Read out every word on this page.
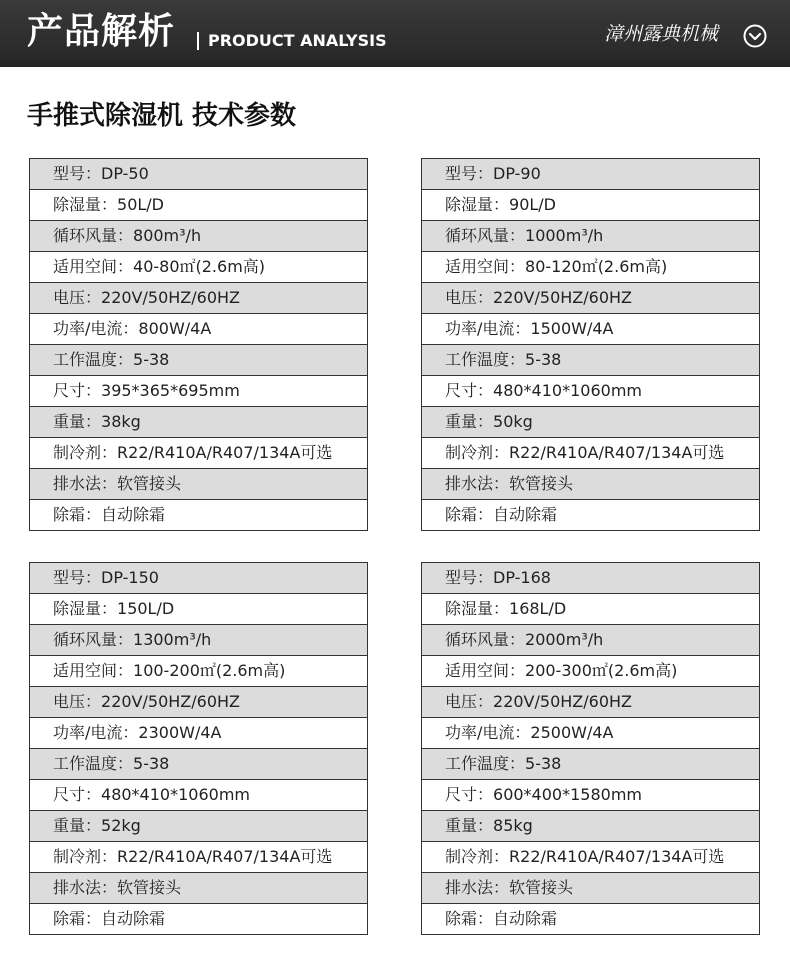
产品解析 PRODUCT ANALYSIS	漳州露典机械
手推式除湿机 技术参数
型号：DP-50
除湿量：50L/D
循环风量：800m³/h
适用空间：40-80㎡(2.6m高)
电压：220V/50HZ/60HZ
功率/电流：800W/4A
工作温度：5-38
尺寸：395*365*695mm
重量：38kg
制冷剂：R22/R410A/R407/134A可选
排水法：软管接头
除霜：自动除霜
型号：DP-90
除湿量：90L/D
循环风量：1000m³/h
适用空间：80-120㎡(2.6m高)
电压：220V/50HZ/60HZ
功率/电流：1500W/4A
工作温度：5-38
尺寸：480*410*1060mm
重量：50kg
制冷剂：R22/R410A/R407/134A可选
排水法：软管接头
除霜：自动除霜
型号：DP-150
除湿量：150L/D
循环风量：1300m³/h
适用空间：100-200㎡(2.6m高)
电压：220V/50HZ/60HZ
功率/电流：2300W/4A
工作温度：5-38
尺寸：480*410*1060mm
重量：52kg
制冷剂：R22/R410A/R407/134A可选
排水法：软管接头
除霜：自动除霜
型号：DP-168
除湿量：168L/D
循环风量：2000m³/h
适用空间：200-300㎡(2.6m高)
电压：220V/50HZ/60HZ
功率/电流：2500W/4A
工作温度：5-38
尺寸：600*400*1580mm
重量：85kg
制冷剂：R22/R410A/R407/134A可选
排水法：软管接头
除霜：自动除霜
